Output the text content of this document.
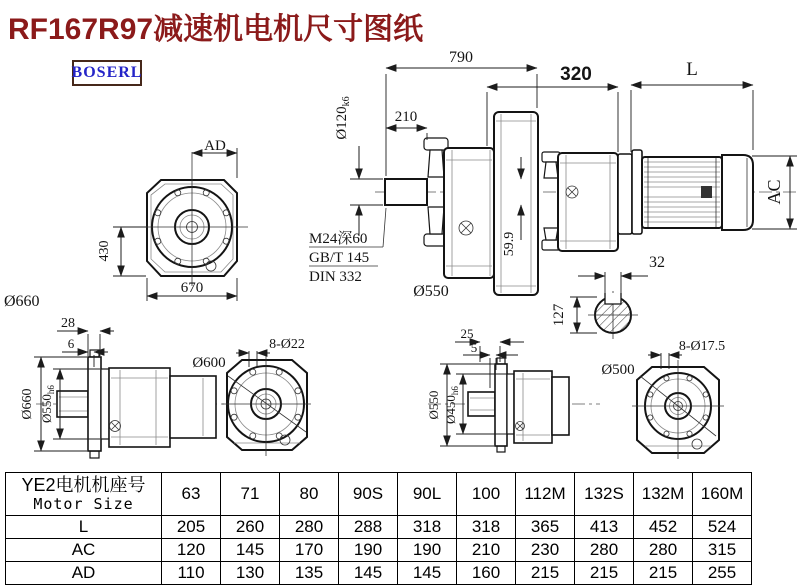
RF167R97减速机电机尺寸图纸
BOSERL
AD
430
670
59.9
790
320	L
210
$Ø120_{k6}$
M24深60
GB/T 145
DIN 332
Ø550
AC
32
127
Ø660
28
6
Ø660 $Ø550_{h6}$
Ø600
8-Ø22
25
5
Ø550 $Ø450_{h6}$
Ø500
8-Ø17.5
YE2电机机座号
Motor Size	63	71	80	90S	90L	100	112M	132S	132M	160M
L	205	260	280	288	318	318	365	413	452	524
AC	120	145	170	190	190	210	230	280	280	315
AD	110	130	135	145	145	160	215	215	215	255
